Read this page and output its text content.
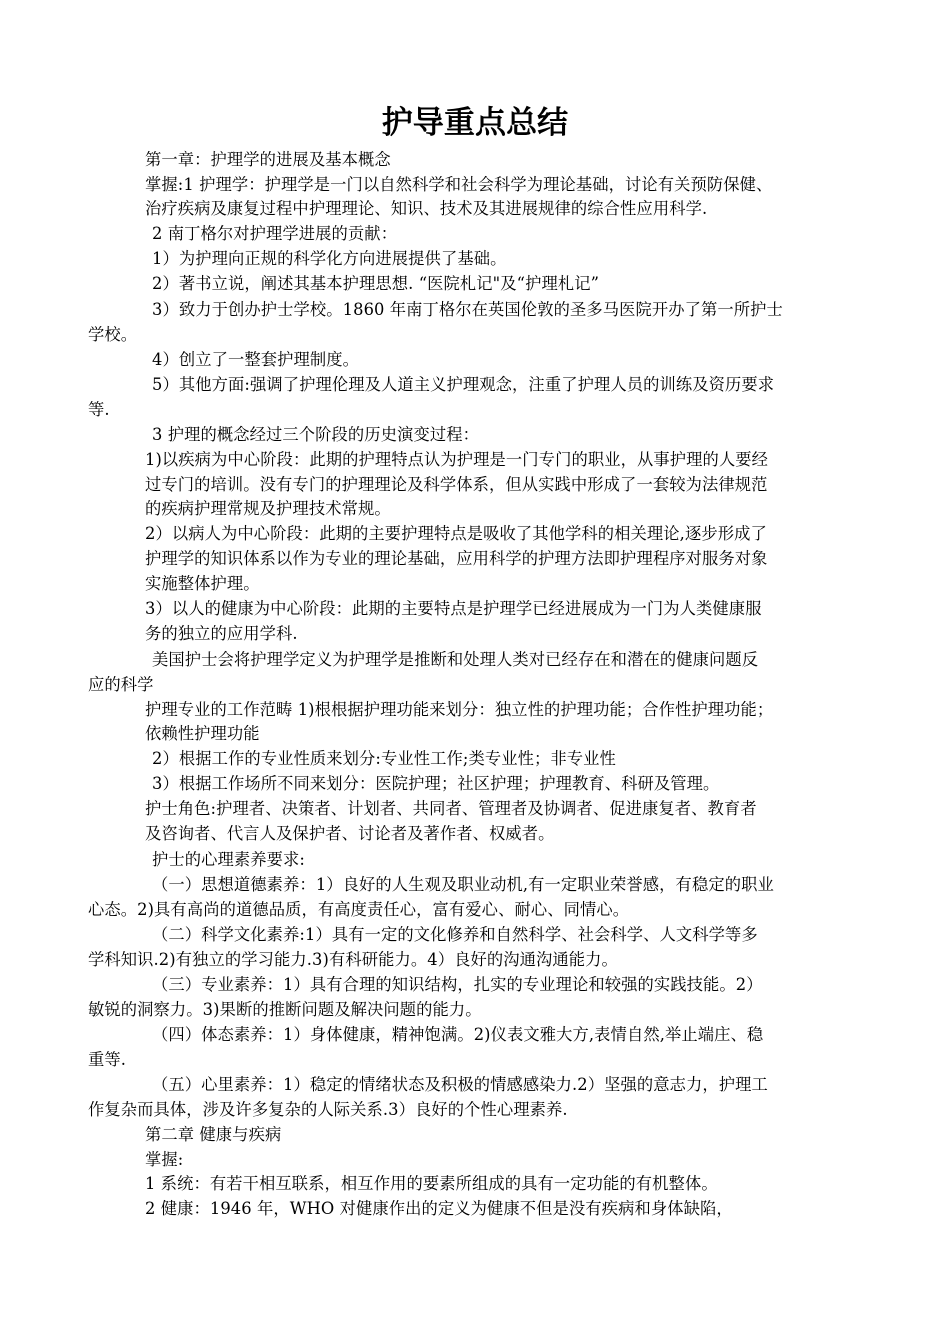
护导重点总结
第一章：护理学的进展及基本概念
掌握:1 护理学：护理学是一门以自然科学和社会科学为理论基础，讨论有关预防保健、
治疗疾病及康复过程中护理理论、知识、技术及其进展规律的综合性应用科学.
2 南丁格尔对护理学进展的贡献：
1）为护理向正规的科学化方向进展提供了基础。
2）著书立说，阐述其基本护理思想. “医院札记"及“护理札记”
3）致力于创办护士学校。1860 年南丁格尔在英国伦敦的圣多马医院开办了第一所护士
学校。
4）创立了一整套护理制度。
5）其他方面:强调了护理伦理及人道主义护理观念，注重了护理人员的训练及资历要求
等.
3 护理的概念经过三个阶段的历史演变过程：
1)以疾病为中心阶段：此期的护理特点认为护理是一门专门的职业，从事护理的人要经
过专门的培训。没有专门的护理理论及科学体系，但从实践中形成了一套较为法律规范
的疾病护理常规及护理技术常规。
2）以病人为中心阶段：此期的主要护理特点是吸收了其他学科的相关理论,逐步形成了
护理学的知识体系以作为专业的理论基础，应用科学的护理方法即护理程序对服务对象
实施整体护理。
3）以人的健康为中心阶段：此期的主要特点是护理学已经进展成为一门为人类健康服
务的独立的应用学科.
美国护士会将护理学定义为护理学是推断和处理人类对已经存在和潜在的健康问题反
应的科学
护理专业的工作范畴 1)根根据护理功能来划分：独立性的护理功能；合作性护理功能；
依赖性护理功能
2）根据工作的专业性质来划分:专业性工作;类专业性；非专业性
3）根据工作场所不同来划分：医院护理；社区护理；护理教育、科研及管理。
护士角色:护理者、决策者、计划者、共同者、管理者及协调者、促进康复者、教育者
及咨询者、代言人及保护者、讨论者及著作者、权威者。
护士的心理素养要求:
（一）思想道德素养：1）良好的人生观及职业动机,有一定职业荣誉感，有稳定的职业
心态。2)具有高尚的道德品质，有高度责任心，富有爱心、耐心、同情心。
（二）科学文化素养:1）具有一定的文化修养和自然科学、社会科学、人文科学等多
学科知识.2)有独立的学习能力.3)有科研能力。4）良好的沟通沟通能力。
（三）专业素养：1）具有合理的知识结构，扎实的专业理论和较强的实践技能。2）
敏锐的洞察力。3)果断的推断问题及解决问题的能力。
（四）体态素养：1）身体健康，精神饱满。2)仪表文雅大方,表情自然,举止端庄、稳
重等.
（五）心里素养：1）稳定的情绪状态及积极的情感感染力.2）坚强的意志力，护理工
作复杂而具体，涉及许多复杂的人际关系.3）良好的个性心理素养.
第二章 健康与疾病
掌握:
1 系统：有若干相互联系，相互作用的要素所组成的具有一定功能的有机整体。
2 健康：1946 年，WHO 对健康作出的定义为健康不但是没有疾病和身体缺陷，
